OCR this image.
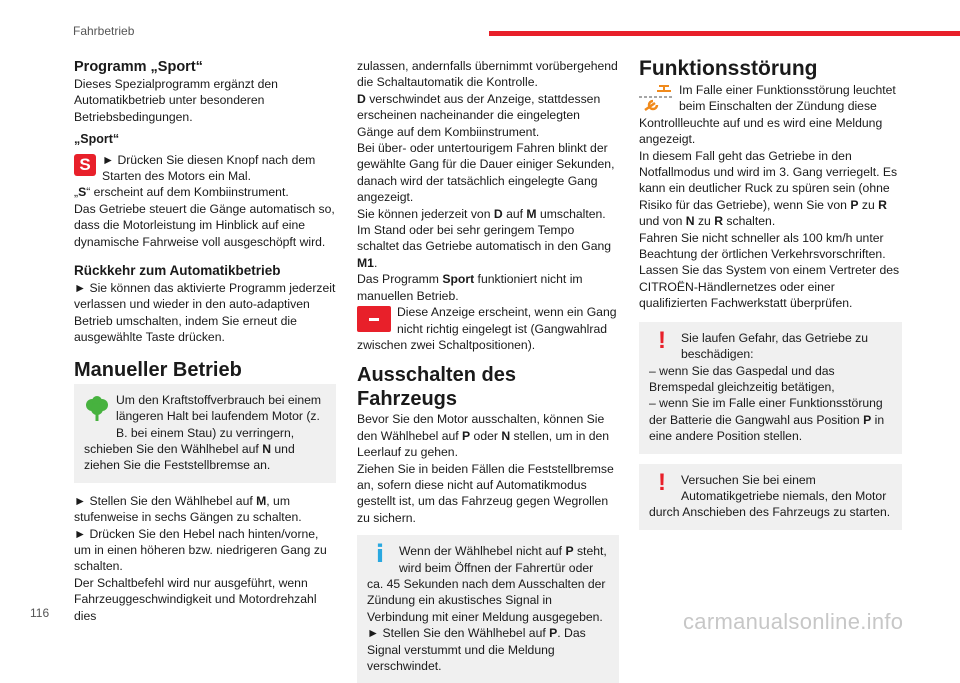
Fahrbetrieb

Programm „Sport“

Dieses Spezialprogramm ergänzt den Automatikbetrieb unter besonderen Betriebsbedingungen.

„Sport“

S ► Drücken Sie diesen Knopf nach dem Starten des Motors ein Mal.

„S“ erscheint auf dem Kombiinstrument.

Das Getriebe steuert die Gänge automatisch so, dass die Motorleistung im Hinblick auf eine dynamische Fahrweise voll ausgeschöpft wird.

Rückkehr zum Automatikbetrieb

► Sie können das aktivierte Programm jederzeit verlassen und wieder in den auto-adaptiven Betrieb umschalten, indem Sie erneut die ausgewählte Taste drücken.

Manueller Betrieb

Um den Kraftstoffverbrauch bei einem längeren Halt bei laufendem Motor (z. B. bei einem Stau) zu verringern, schieben Sie den Wählhebel auf N und ziehen Sie die Feststellbremse an.

► Stellen Sie den Wählhebel auf M, um stufenweise in sechs Gängen zu schalten.

► Drücken Sie den Hebel nach hinten/vorne, um in einen höheren bzw. niedrigeren Gang zu schalten.

Der Schaltbefehl wird nur ausgeführt, wenn Fahrzeuggeschwindigkeit und Motordrehzahl dies

zulassen, andernfalls übernimmt vorübergehend die Schaltautomatik die Kontrolle.

D verschwindet aus der Anzeige, stattdessen erscheinen nacheinander die eingelegten Gänge auf dem Kombiinstrument.

Bei über- oder untertourigem Fahren blinkt der gewählte Gang für die Dauer einiger Sekunden, danach wird der tatsächlich eingelegte Gang angezeigt.

Sie können jederzeit von D auf M umschalten.

Im Stand oder bei sehr geringem Tempo schaltet das Getriebe automatisch in den Gang M1.

Das Programm Sport funktioniert nicht im manuellen Betrieb.

Diese Anzeige erscheint, wenn ein Gang nicht richtig eingelegt ist (Gangwahlrad zwischen zwei Schaltpositionen).

Ausschalten des Fahrzeugs

Bevor Sie den Motor ausschalten, können Sie den Wählhebel auf P oder N stellen, um in den Leerlauf zu gehen.

Ziehen Sie in beiden Fällen die Feststellbremse an, sofern diese nicht auf Automatikmodus gestellt ist, um das Fahrzeug gegen Wegrollen zu sichern.

i	Wenn der Wählhebel nicht auf P steht, wird beim Öffnen der Fahrertür oder ca. 45 Sekunden nach dem Ausschalten der Zündung ein akustisches Signal in Verbindung mit einer Meldung ausgegeben.

► Stellen Sie den Wählhebel auf P. Das Signal verstummt und die Meldung verschwindet.

Funktionsstörung

Im Falle einer Funktionsstörung leuchtet beim Einschalten der Zündung diese Kontrollleuchte auf und es wird eine Meldung angezeigt.

In diesem Fall geht das Getriebe in den Notfallmodus und wird im 3. Gang verriegelt. Es kann ein deutlicher Ruck zu spüren sein (ohne Risiko für das Getriebe), wenn Sie von P zu R und von N zu R schalten.

Fahren Sie nicht schneller als 100 km/h unter Beachtung der örtlichen Verkehrsvorschriften.

Lassen Sie das System von einem Vertreter des CITROËN-Händlernetzes oder einer qualifizierten Fachwerkstatt überprüfen.

!	Sie laufen Gefahr, das Getriebe zu beschädigen:

– wenn Sie das Gaspedal und das Bremspedal gleichzeitig betätigen,

– wenn Sie im Falle einer Funktionsstörung der Batterie die Gangwahl aus Position P in eine andere Position stellen.

!	Versuchen Sie bei einem Automatikgetriebe niemals, den Motor durch Anschieben des Fahrzeugs zu starten.

116	carmanualsonline.info
